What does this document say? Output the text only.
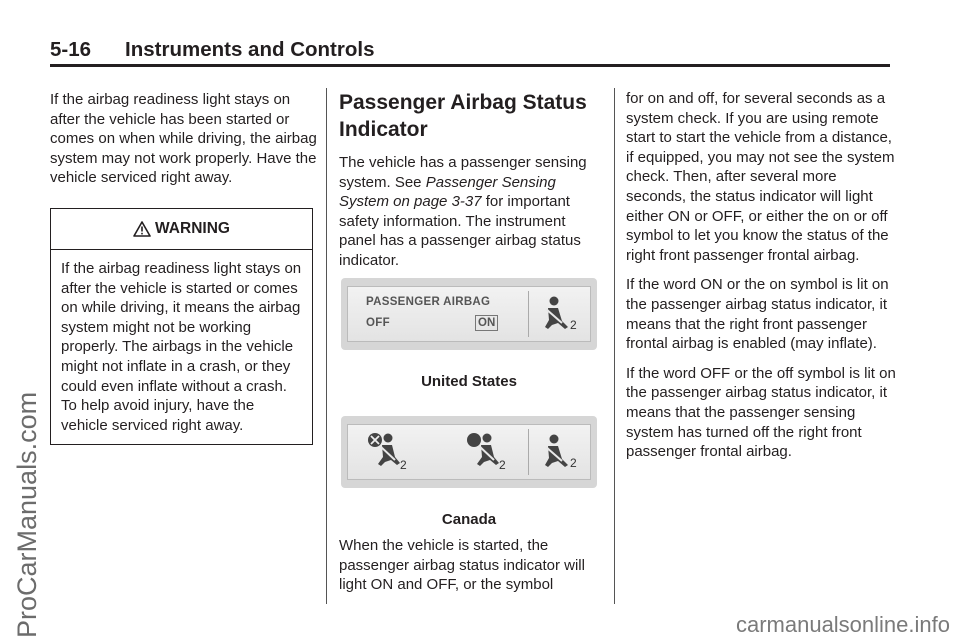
5-16 Instruments and Controls

If the airbag readiness light stays on after the vehicle has been started or comes on when while driving, the airbag system may not work properly. Have the vehicle serviced right away.

WARNING
If the airbag readiness light stays on after the vehicle is started or comes on while driving, it means the airbag system might not be working properly. The airbags in the vehicle might not inflate in a crash, or they could even inflate without a crash. To help avoid injury, have the vehicle serviced right away.
Passenger Airbag Status Indicator

The vehicle has a passenger sensing system. See Passenger Sensing System on page 3-37 for important safety information. The instrument panel has a passenger airbag status indicator.

PASSENGER AIRBAG
OFF	ON	2
United States
2	2	2
Canada

When the vehicle is started, the passenger airbag status indicator will light ON and OFF, or the symbol

for on and off, for several seconds as a system check. If you are using remote start to start the vehicle from a distance, if equipped, you may not see the system check. Then, after several more seconds, the status indicator will light either ON or OFF, or either the on or off symbol to let you know the status of the right front passenger frontal airbag.

If the word ON or the on symbol is lit on the passenger airbag status indicator, it means that the right front passenger frontal airbag is enabled (may inflate).

If the word OFF or the off symbol is lit on the passenger airbag status indicator, it means that the passenger sensing system has turned off the right front passenger frontal airbag.

ProCarManuals.com	carmanualsonline.info
